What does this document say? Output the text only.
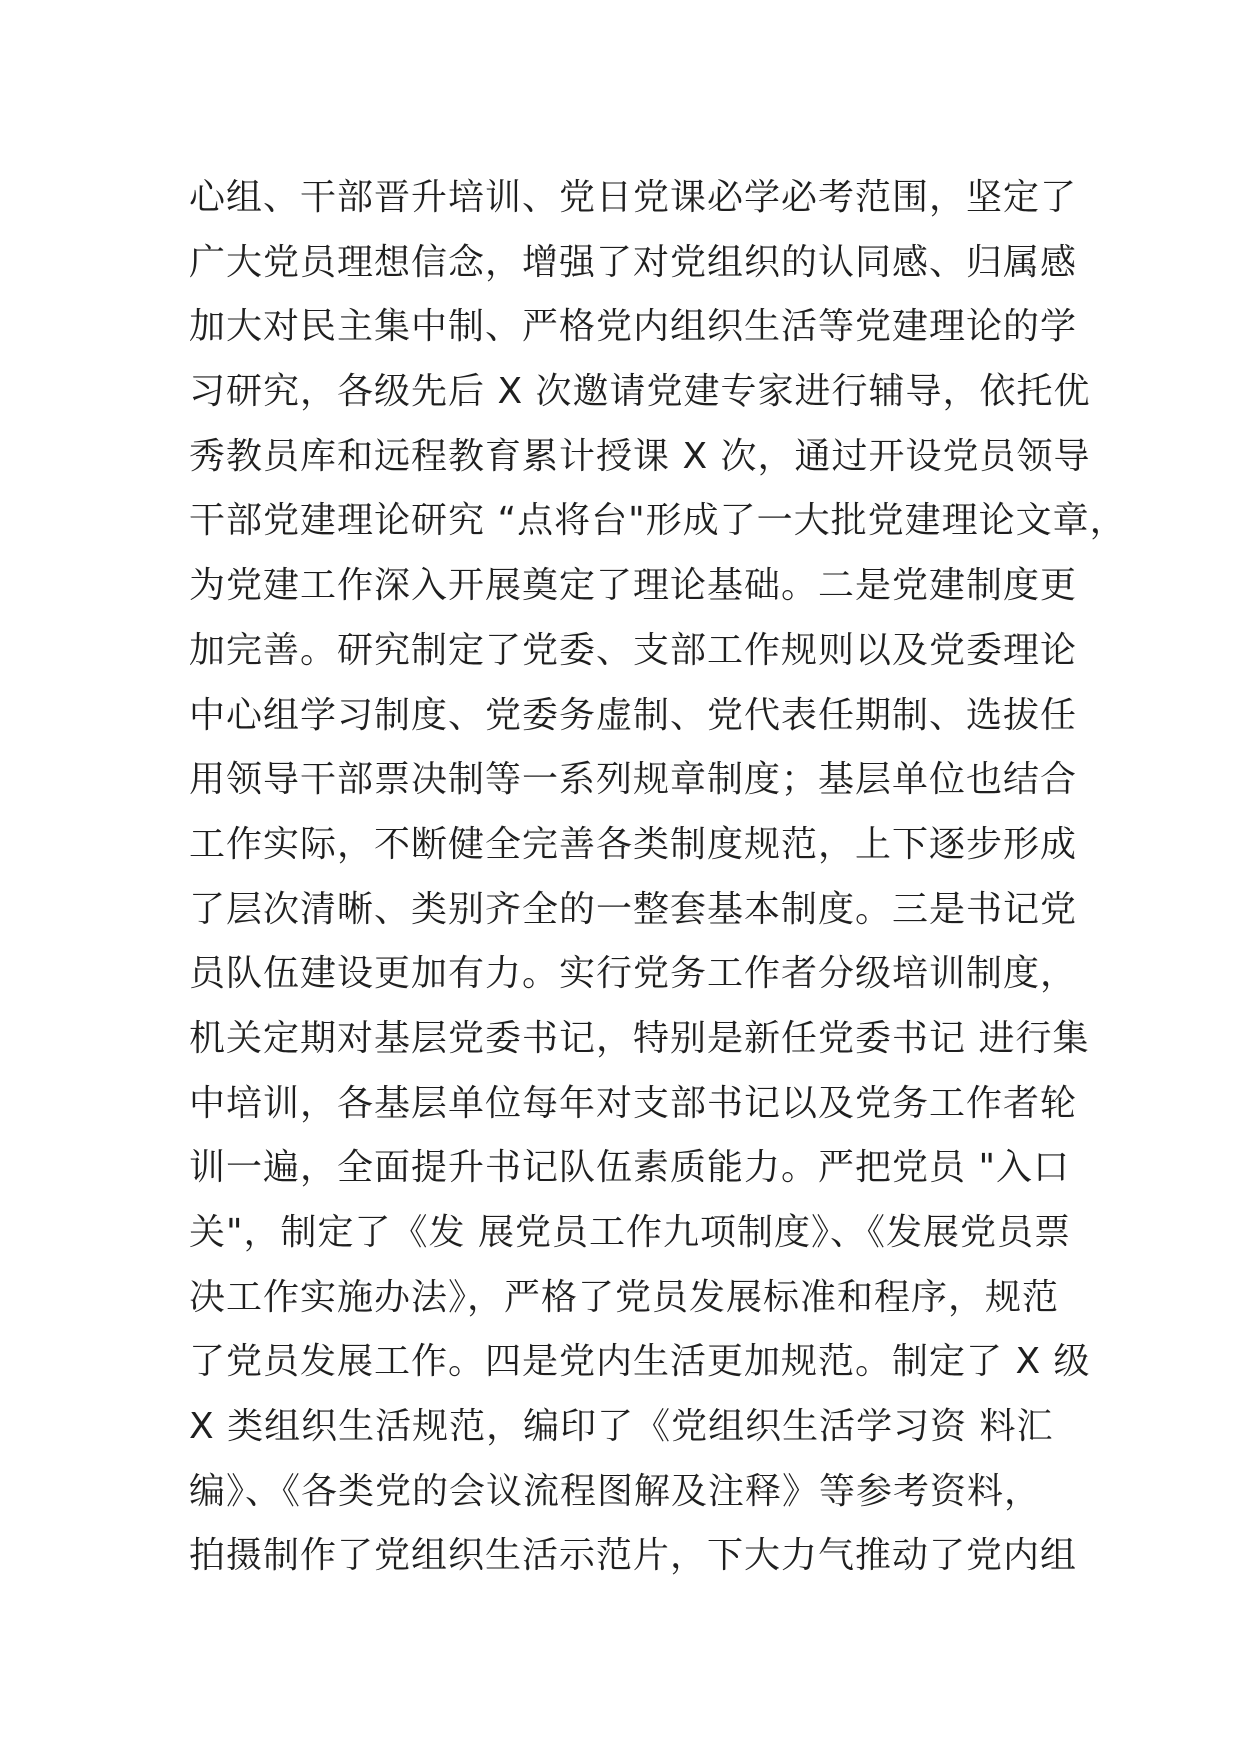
心组、干部晋升培训、党日党课必学必考范围，坚定了
广大党员理想信念，增强了对党组织的认同感、归属感
加大对民主集中制、严格党内组织生活等党建理论的学
习研究，各级先后 X 次邀请党建专家进行辅导，依托优
秀教员库和远程教育累计授课 X 次，通过开设党员领导
干部党建理论研究 “点将台"形成了一大批党建理论文章，
为党建工作深入开展奠定了理论基础。二是党建制度更
加完善。研究制定了党委、支部工作规则以及党委理论
中心组学习制度、党委务虚制、党代表任期制、选拔任
用领导干部票决制等一系列规章制度；基层单位也结合
工作实际，不断健全完善各类制度规范，上下逐步形成
了层次清晰、类别齐全的一整套基本制度。三是书记党
员队伍建设更加有力。实行党务工作者分级培训制度，
机关定期对基层党委书记，特别是新任党委书记 进行集
中培训，各基层单位每年对支部书记以及党务工作者轮
训一遍，全面提升书记队伍素质能力。严把党员 "入口
关"，制定了《发 展党员工作九项制度》、《发展党员票
决工作实施办法》，严格了党员发展标准和程序，规范
了党员发展工作。四是党内生活更加规范。制定了 X 级
X 类组织生活规范，编印了《党组织生活学习资 料汇
编》、《各类党的会议流程图解及注释》等参考资料，
拍摄制作了党组织生活示范片，下大力气推动了党内组
